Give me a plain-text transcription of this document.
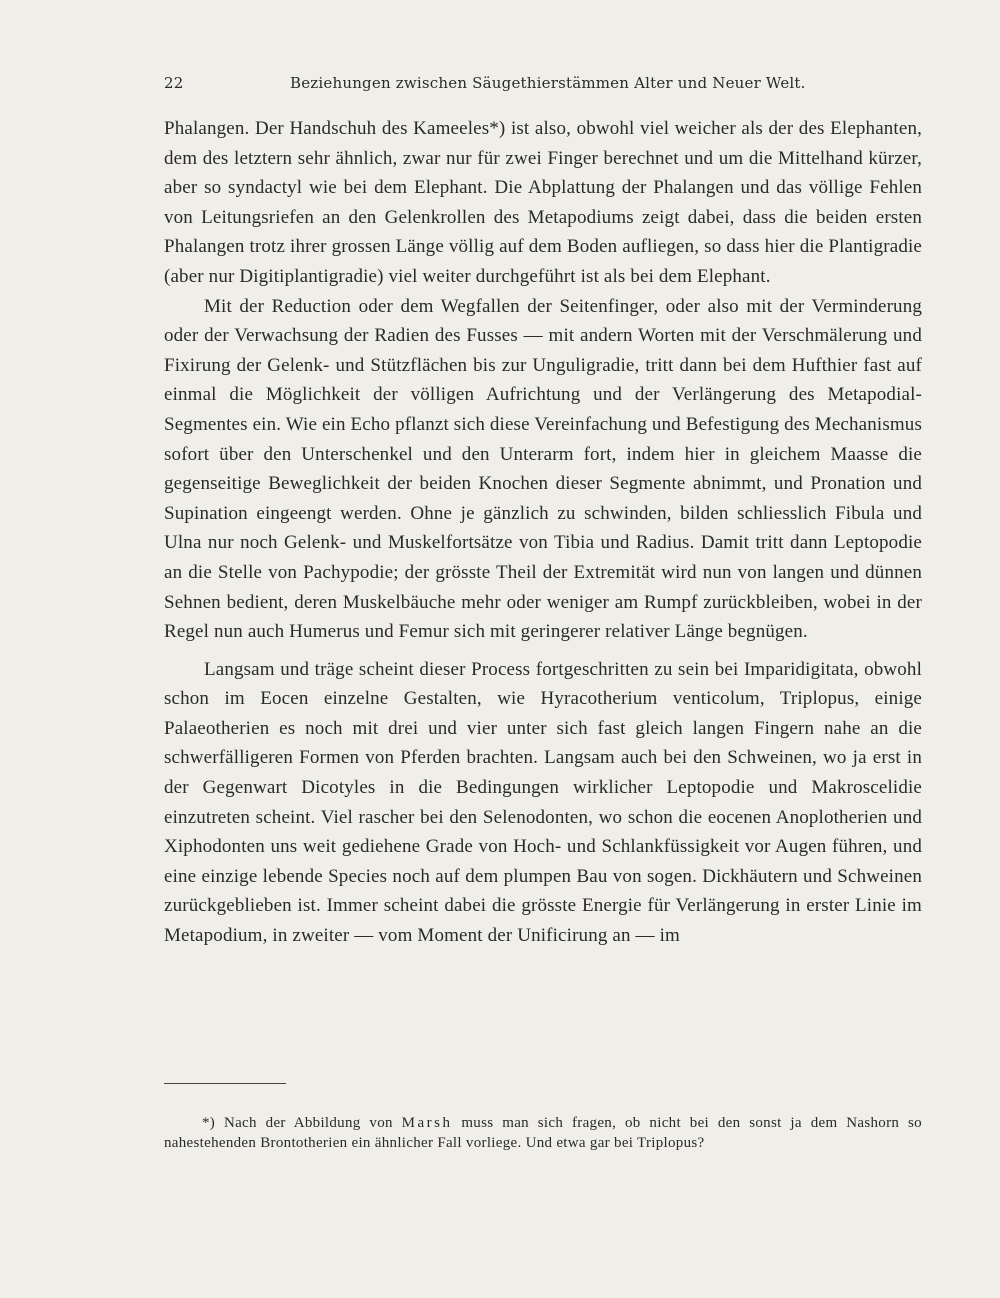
22	Beziehungen zwischen Säugethierstämmen Alter und Neuer Welt.

Phalangen. Der Handschuh des Kameeles*) ist also, obwohl viel weicher als der des Elephanten, dem des letztern sehr ähnlich, zwar nur für zwei Finger berechnet und um die Mittelhand kürzer, aber so syndactyl wie bei dem Elephant. Die Abplattung der Phalangen und das völlige Fehlen von Leitungsriefen an den Gelenkrollen des Metapodiums zeigt dabei, dass die beiden ersten Phalangen trotz ihrer grossen Länge völlig auf dem Boden aufliegen, so dass hier die Plantigradie (aber nur Digitiplantigradie) viel weiter durchgeführt ist als bei dem Elephant.

Mit der Reduction oder dem Wegfallen der Seitenfinger, oder also mit der Verminderung oder der Verwachsung der Radien des Fusses — mit andern Worten mit der Verschmälerung und Fixirung der Gelenk- und Stützflächen bis zur Unguligradie, tritt dann bei dem Hufthier fast auf einmal die Möglichkeit der völligen Aufrichtung und der Verlängerung des Metapodial-Segmentes ein. Wie ein Echo pflanzt sich diese Vereinfachung und Befestigung des Mechanismus sofort über den Unterschenkel und den Unterarm fort, indem hier in gleichem Maasse die gegenseitige Beweglichkeit der beiden Knochen dieser Segmente abnimmt, und Pronation und Supination eingeengt werden. Ohne je gänzlich zu schwinden, bilden schliesslich Fibula und Ulna nur noch Gelenk- und Muskelfortsätze von Tibia und Radius. Damit tritt dann Leptopodie an die Stelle von Pachypodie; der grösste Theil der Extremität wird nun von langen und dünnen Sehnen bedient, deren Muskelbäuche mehr oder weniger am Rumpf zurückbleiben, wobei in der Regel nun auch Humerus und Femur sich mit geringerer relativer Länge begnügen.

Langsam und träge scheint dieser Process fortgeschritten zu sein bei Imparidigitata, obwohl schon im Eocen einzelne Gestalten, wie Hyracotherium venticolum, Triplopus, einige Palaeotherien es noch mit drei und vier unter sich fast gleich langen Fingern nahe an die schwerfälligeren Formen von Pferden brachten. Langsam auch bei den Schweinen, wo ja erst in der Gegenwart Dicotyles in die Bedingungen wirklicher Leptopodie und Makroscelidie einzutreten scheint. Viel rascher bei den Selenodonten, wo schon die eocenen Anoplotherien und Xiphodonten uns weit gediehene Grade von Hoch- und Schlankfüssigkeit vor Augen führen, und eine einzige lebende Species noch auf dem plumpen Bau von sogen. Dickhäutern und Schweinen zurückgeblieben ist. Immer scheint dabei die grösste Energie für Verlängerung in erster Linie im Metapodium, in zweiter — vom Moment der Unificirung an — im

*) Nach der Abbildung von Marsh muss man sich fragen, ob nicht bei den sonst ja dem Nashorn so nahestehenden Brontotherien ein ähnlicher Fall vorliege. Und etwa gar bei Triplopus?
